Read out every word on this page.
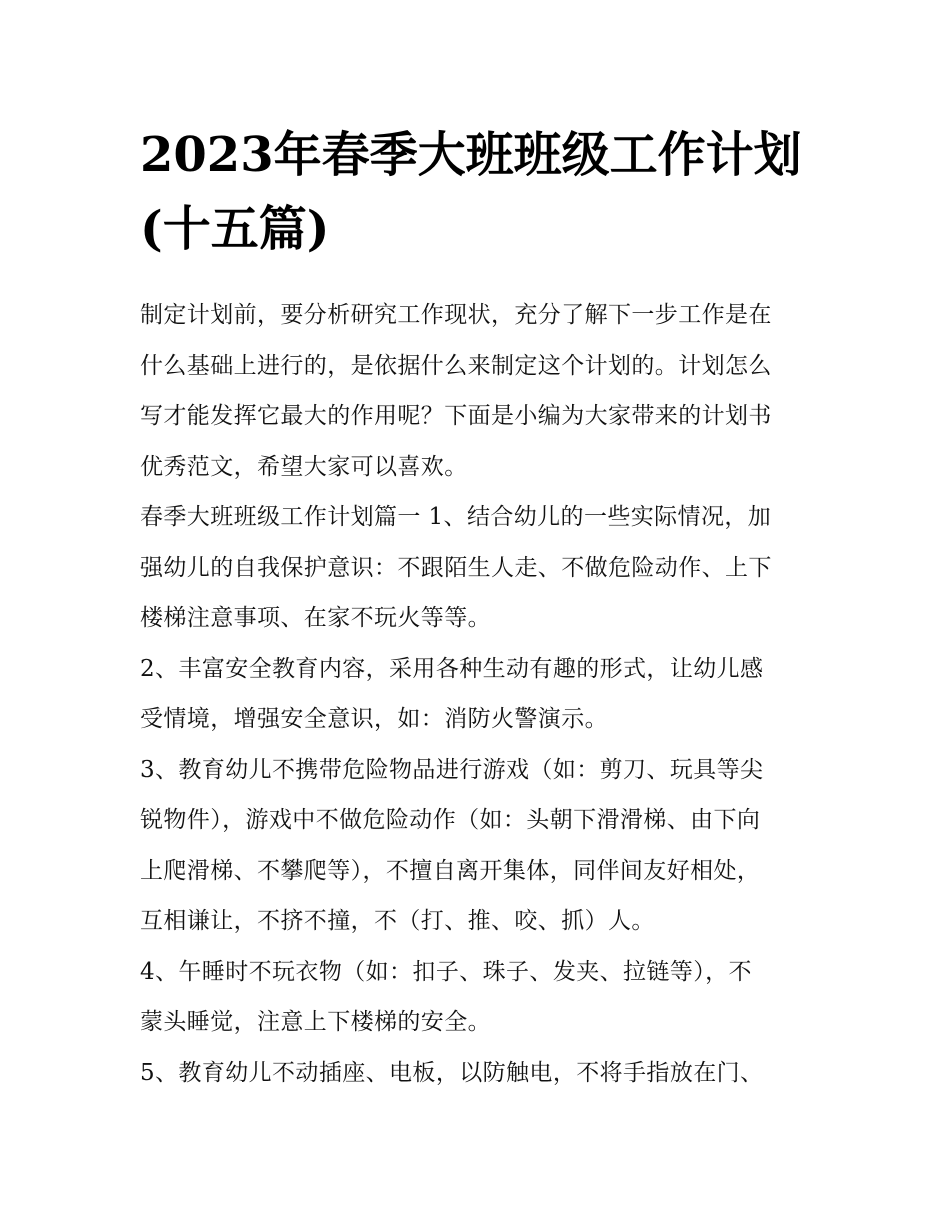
2023年春季大班班级工作计划
(十五篇)

制定计划前，要分析研究工作现状，充分了解下一步工作是在
什么基础上进行的，是依据什么来制定这个计划的。计划怎么
写才能发挥它最大的作用呢？下面是小编为大家带来的计划书
优秀范文，希望大家可以喜欢。

春季大班班级工作计划篇一 1、结合幼儿的一些实际情况，加
强幼儿的自我保护意识：不跟陌生人走、不做危险动作、上下
楼梯注意事项、在家不玩火等等。

2、丰富安全教育内容，采用各种生动有趣的形式，让幼儿感
受情境，增强安全意识，如：消防火警演示。

3、教育幼儿不携带危险物品进行游戏（如：剪刀、玩具等尖
锐物件），游戏中不做危险动作（如：头朝下滑滑梯、由下向
上爬滑梯、不攀爬等），不擅自离开集体，同伴间友好相处，
互相谦让，不挤不撞，不（打、推、咬、抓）人。

4、午睡时不玩衣物（如：扣子、珠子、发夹、拉链等），不
蒙头睡觉，注意上下楼梯的安全。

5、教育幼儿不动插座、电板，以防触电，不将手指放在门、
